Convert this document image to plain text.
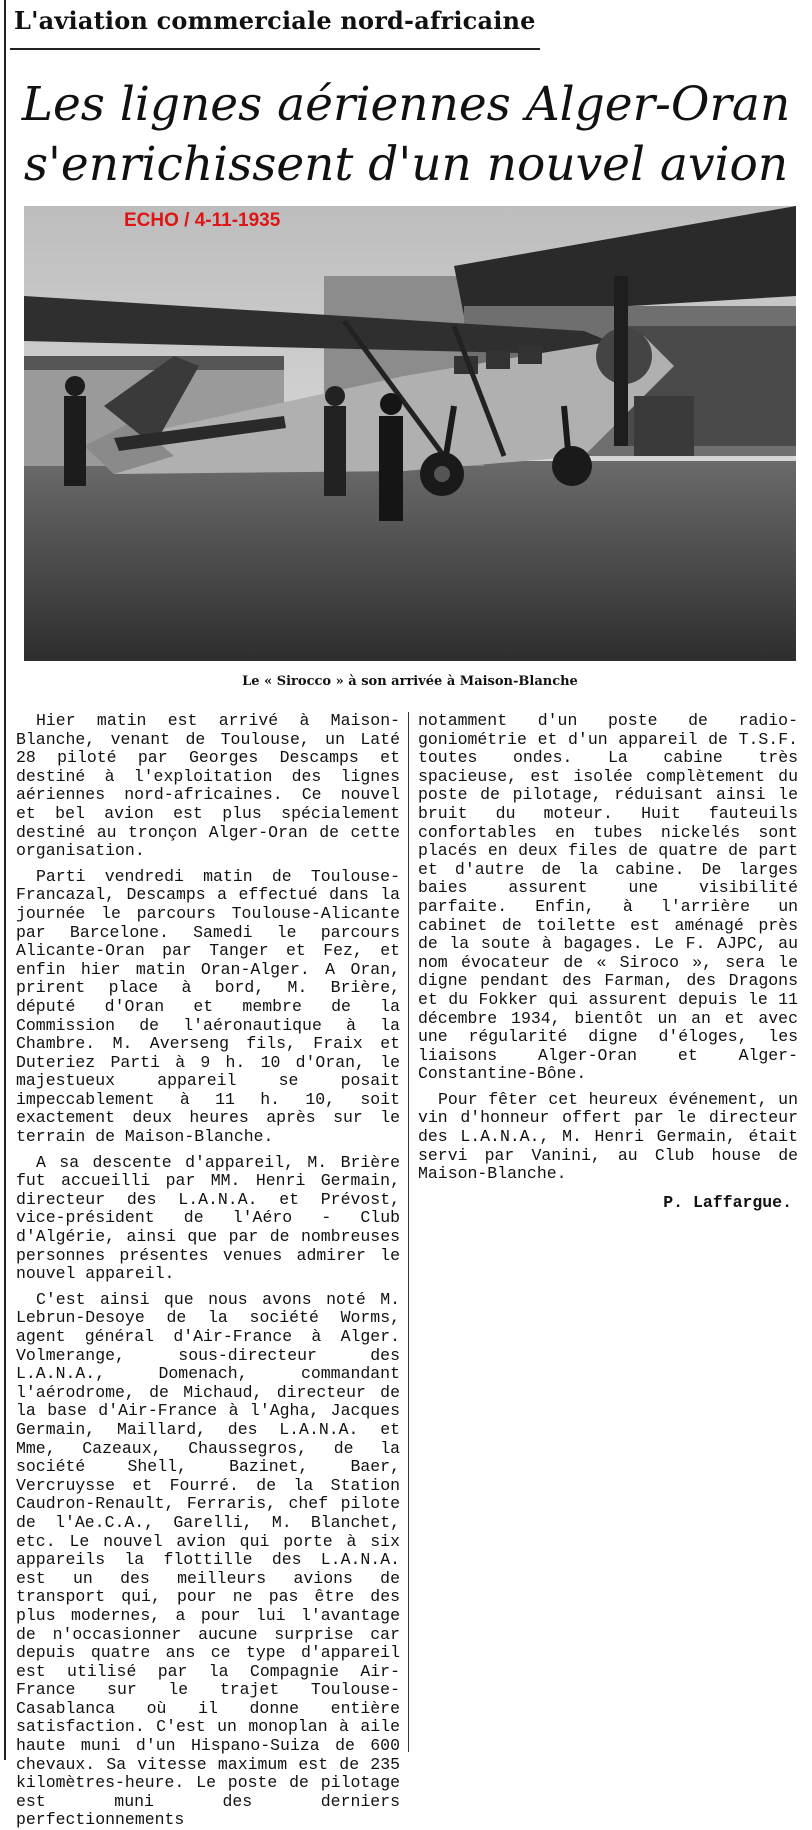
L'aviation commerciale nord-africaine
Les lignes aériennes Alger-Oran
s'enrichissent d'un nouvel avion
ECHO / 4-11-1935
Le « Sirocco » à son arrivée à Maison-Blanche

Hier matin est arrivé à Maison-Blanche, venant de Toulouse, un Laté 28 piloté par Georges Descamps et destiné à l'exploitation des lignes aériennes nord-africaines. Ce nouvel et bel avion est plus spécialement destiné au tronçon Alger-Oran de cette organisation.

Parti vendredi matin de Toulouse-Francazal, Descamps a effectué dans la journée le parcours Toulouse-Alicante par Barcelone. Samedi le parcours Alicante-Oran par Tanger et Fez, et enfin hier matin Oran-Alger. A Oran, prirent place à bord, M. Brière, député d'Oran et membre de la Commission de l'aéronautique à la Chambre. M. Averseng fils, Fraix et Duteriez Parti à 9 h. 10 d'Oran, le majestueux appareil se posait impeccablement à 11 h. 10, soit exactement deux heures après sur le terrain de Maison-Blanche.

A sa descente d'appareil, M. Brière fut accueilli par MM. Henri Germain, directeur des L.A.N.A. et Prévost, vice-président de l'Aéro - Club d'Algérie, ainsi que par de nombreuses personnes présentes venues admirer le nouvel appareil.

C'est ainsi que nous avons noté M. Lebrun-Desoye de la société Worms, agent général d'Air-France à Alger. Volmerange, sous-directeur des L.A.N.A., Domenach, commandant l'aérodrome, de Michaud, directeur de la base d'Air-France à l'Agha, Jacques Germain, Maillard, des L.A.N.A. et Mme, Cazeaux, Chaussegros, de la société Shell, Bazinet, Baer, Vercruysse et Fourré. de la Station Caudron-Renault, Ferraris, chef pilote de l'Ae.C.A., Garelli, M. Blanchet, etc. Le nouvel avion qui porte à six appareils la flottille des L.A.N.A. est un des meilleurs avions de transport qui, pour ne pas être des plus modernes, a pour lui l'avantage de n'occasionner aucune surprise car depuis quatre ans ce type d'appareil est utilisé par la Compagnie Air-France sur le trajet Toulouse-Casablanca où il donne entière satisfaction. C'est un monoplan à aile haute muni d'un Hispano-Suiza de 600 chevaux. Sa vitesse maximum est de 235 kilomètres-heure. Le poste de pilotage est muni des derniers perfectionnements

notamment d'un poste de radio-goniométrie et d'un appareil de T.S.F. toutes ondes. La cabine très spacieuse, est isolée complètement du poste de pilotage, réduisant ainsi le bruit du moteur. Huit fauteuils confortables en tubes nickelés sont placés en deux files de quatre de part et d'autre de la cabine. De larges baies assurent une visibilité parfaite. Enfin, à l'arrière un cabinet de toilette est aménagé près de la soute à bagages. Le F. AJPC, au nom évocateur de « Siroco », sera le digne pendant des Farman, des Dragons et du Fokker qui assurent depuis le 11 décembre 1934, bientôt un an et avec une régularité digne d'éloges, les liaisons Alger-Oran et Alger-Constantine-Bône.

Pour fêter cet heureux événement, un vin d'honneur offert par le directeur des L.A.N.A., M. Henri Germain, était servi par Vanini, au Club house de Maison-Blanche.

P. Laffargue.
